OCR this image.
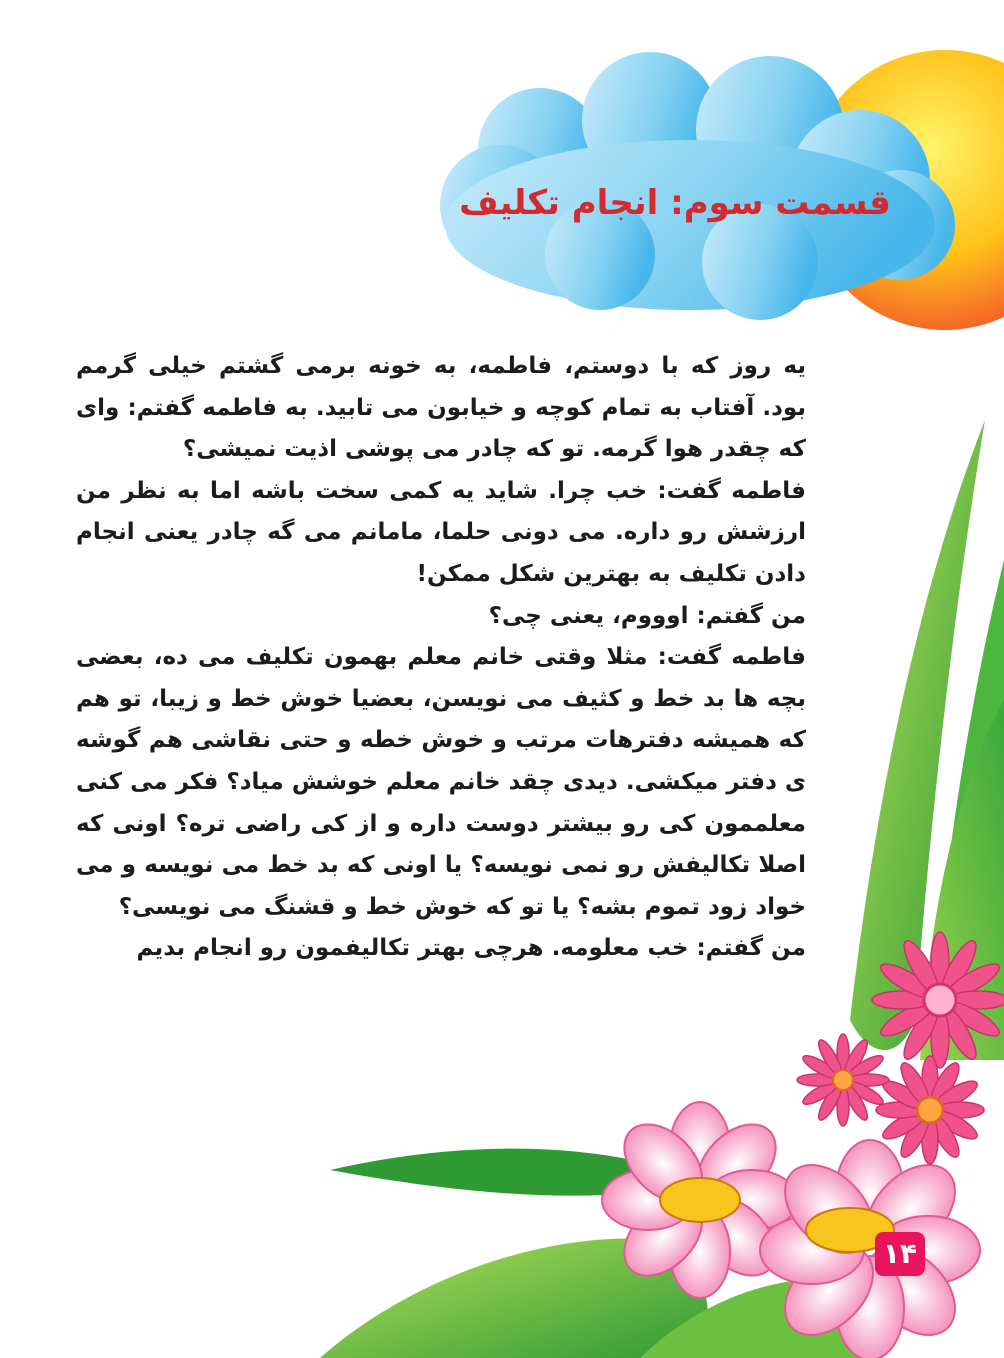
قسمت سوم: انجام تکلیف

یه روز که با دوستم، فاطمه، به خونه برمی گشتم خیلی گرمم بود. آفتاب به تمام کوچه و خیابون می تابید. به فاطمه گفتم: وای که چقدر هوا گرمه. تو که چادر می پوشی اذیت نمیشی؟

فاطمه گفت: خب چرا. شاید یه کمی سخت باشه اما به نظر من ارزشش رو داره. می دونی حلما، مامانم می گه چادر یعنی انجام دادن تکلیف به بهترین شکل ممکن!

من گفتم: اوووم، یعنی چی؟

فاطمه گفت: مثلا وقتی خانم معلم بهمون تکلیف می ده، بعضی بچه ها بد خط و کثیف می نویسن، بعضیا خوش خط و زیبا، تو هم که همیشه دفترهات مرتب و خوش خطه و حتی نقاشی هم گوشه ی دفتر میکشی. دیدی چقد خانم معلم خوشش میاد؟ فکر می کنی معلممون کی رو بیشتر دوست داره و از کی راضی تره؟ اونی که اصلا تکالیفش رو نمی نویسه؟ یا اونی که بد خط می نویسه و می خواد زود تموم بشه؟ یا تو که خوش خط و قشنگ می نویسی؟

من گفتم: خب معلومه. هرچی بهتر تکالیفمون رو انجام بدیم

۱۴
